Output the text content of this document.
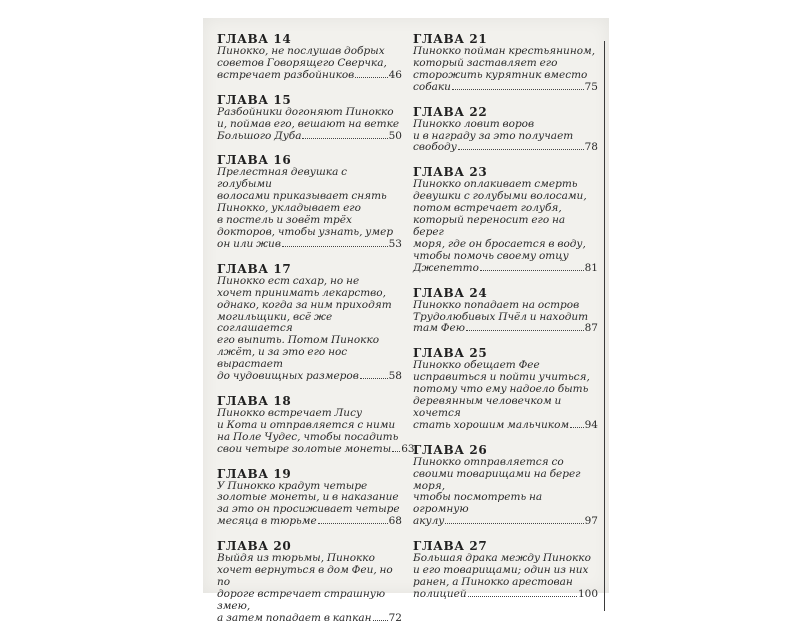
ГЛАВА 14
Пинокко, не послушав добрых
советов Говорящего Сверчка,
встречает разбойников	46
ГЛАВА 15
Разбойники догоняют Пинокко
и, поймав его, вешают на ветке
Большого Дуба	50
ГЛАВА 16
Прелестная девушка с голубыми
волосами приказывает снять
Пинокко, укладывает его
в постель и зовёт трёх
докторов, чтобы узнать, умер
он или жив	53
ГЛАВА 17
Пинокко ест сахар, но не
хочет принимать лекарство,
однако, когда за ним приходят
могильщики, всё же соглашается
его выпить. Потом Пинокко
лжёт, и за это его нос вырастает
до чудовищных размеров	58
ГЛАВА 18
Пинокко встречает Лису
и Кота и отправляется с ними
на Поле Чудес, чтобы посадить
свои четыре золотые монеты 63
ГЛАВА 19
У Пинокко крадут четыре
золотые монеты, и в наказание
за это он просиживает четыре
месяца в тюрьме	68
ГЛАВА 20
Выйдя из тюрьмы, Пинокко
хочет вернуться в дом Феи, но по
дороге встречает страшную змею,
а затем попадает в капкан 72
ГЛАВА 21
Пинокко пойман крестьянином,
который заставляет его
сторожить курятник вместо
собаки	75
ГЛАВА 22
Пинокко ловит воров
и в награду за это получает
свободу	78
ГЛАВА 23
Пинокко оплакивает смерть
девушки с голубыми волосами,
потом встречает голубя,
который переносит его на берег
моря, где он бросается в воду,
чтобы помочь своему отцу
Джепетто	81
ГЛАВА 24
Пинокко попадает на остров
Трудолюбивых Пчёл и находит
там Фею	87
ГЛАВА 25
Пинокко обещает Фее
исправиться и пойти учиться,
потому что ему надоело быть
деревянным человечком и хочется
стать хорошим мальчиком 94
ГЛАВА 26
Пинокко отправляется со
своими товарищами на берег моря,
чтобы посмотреть на огромную
акулу	97
ГЛАВА 27
Большая драка между Пинокко
и его товарищами; один из них
ранен, а Пинокко арестован
полицией	100
